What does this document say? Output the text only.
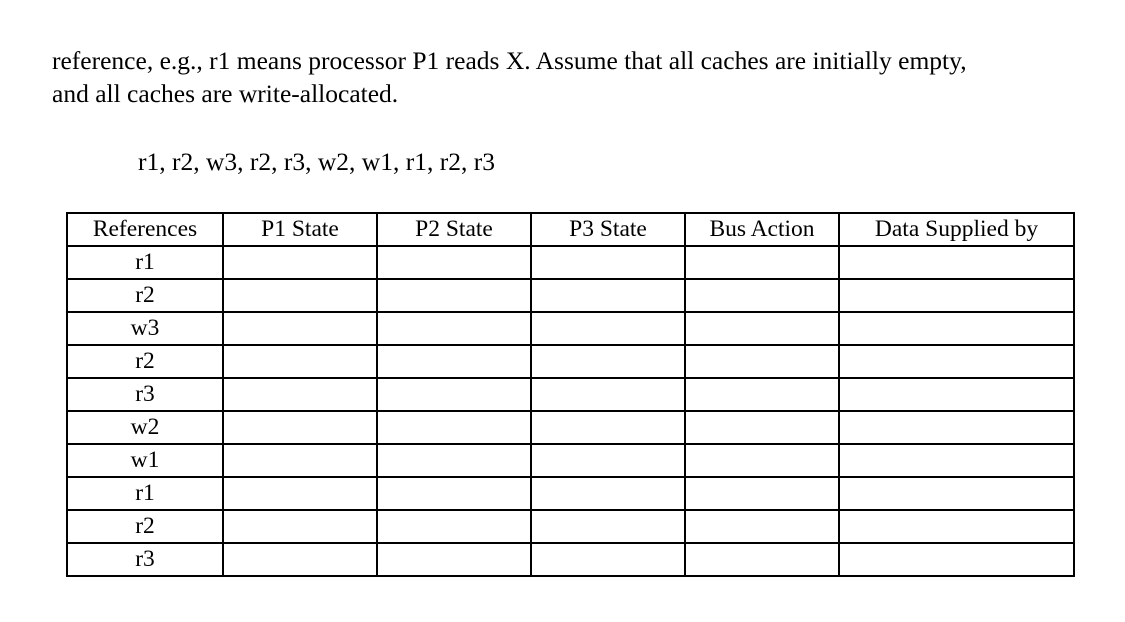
reference, e.g., r1 means processor P1 reads X. Assume that all caches are initially empty,
and all caches are write-allocated.
r1, r2, w3, r2, r3, w2, w1, r1, r2, r3
References	P1 State	P2 State	P3 State	Bus Action	Data Supplied by
r1					
r2					
w3					
r2					
r3					
w2					
w1					
r1					
r2					
r3					
